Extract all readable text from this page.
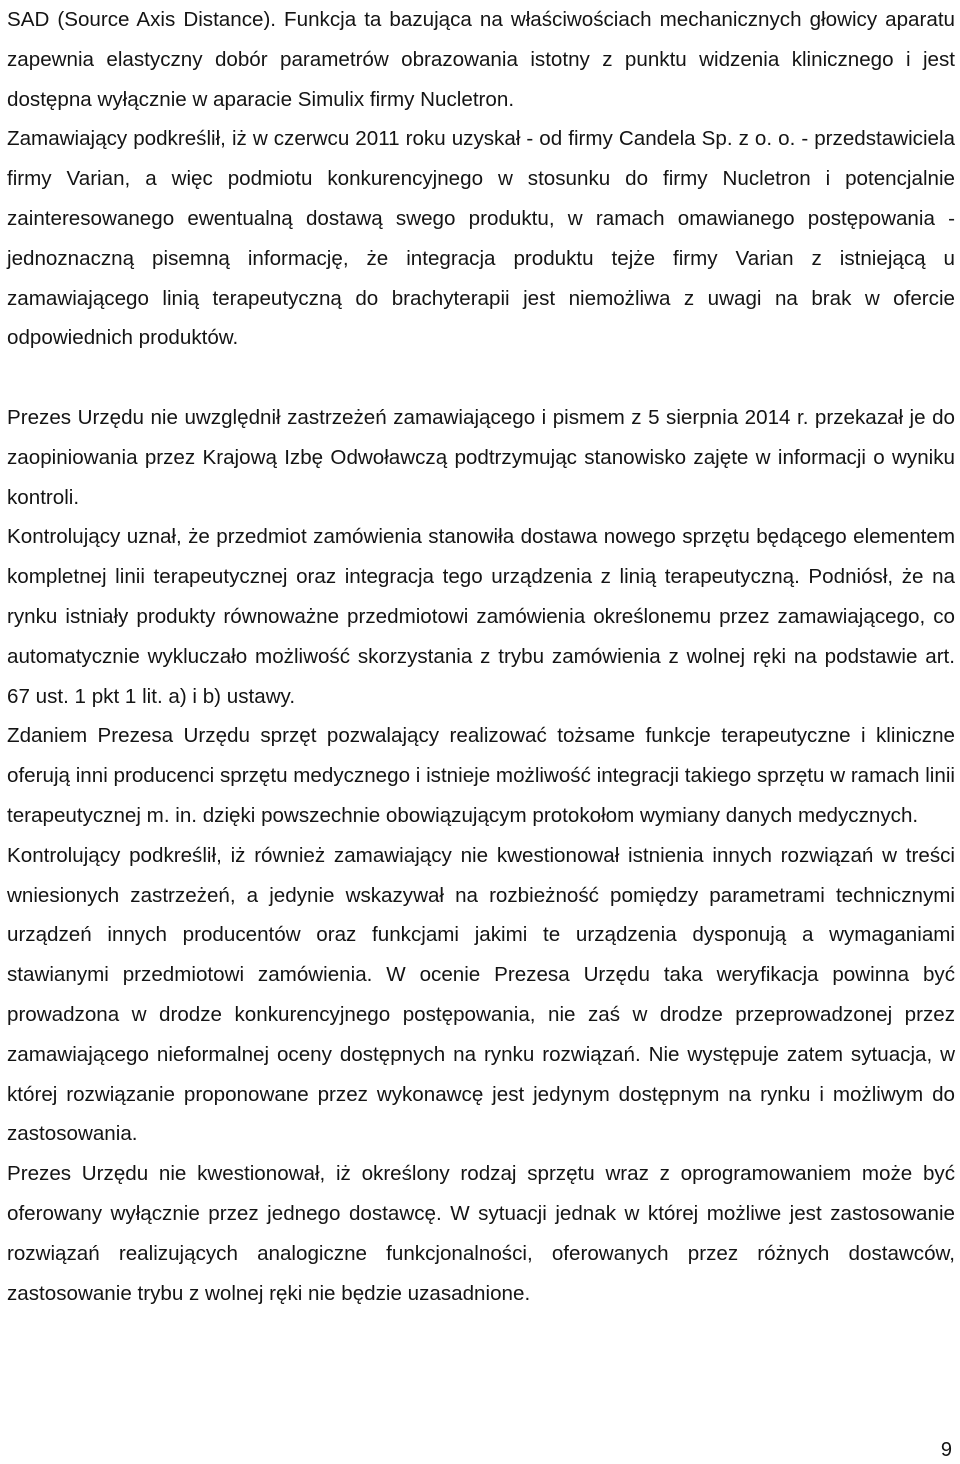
SAD (Source Axis Distance). Funkcja ta bazująca na właściwościach mechanicznych głowicy aparatu zapewnia elastyczny dobór parametrów obrazowania istotny z punktu widzenia klinicznego i jest dostępna wyłącznie w aparacie Simulix firmy Nucletron.

Zamawiający podkreślił, iż w czerwcu 2011 roku uzyskał - od firmy Candela Sp. z o. o. - przedstawiciela firmy Varian, a więc podmiotu konkurencyjnego w stosunku do firmy Nucletron i potencjalnie zainteresowanego ewentualną dostawą swego produktu, w ramach omawianego postępowania - jednoznaczną pisemną informację, że integracja produktu tejże firmy Varian z istniejącą u zamawiającego linią terapeutyczną do brachyterapii jest niemożliwa z uwagi na brak w ofercie odpowiednich produktów.

Prezes Urzędu nie uwzględnił zastrzeżeń zamawiającego i pismem z 5 sierpnia 2014 r. przekazał je do zaopiniowania przez Krajową Izbę Odwoławczą podtrzymując stanowisko zajęte w informacji o wyniku kontroli.

Kontrolujący uznał, że przedmiot zamówienia stanowiła dostawa nowego sprzętu będącego elementem kompletnej linii terapeutycznej oraz integracja tego urządzenia z linią terapeutyczną. Podniósł, że na rynku istniały produkty równoważne przedmiotowi zamówienia określonemu przez zamawiającego, co automatycznie wykluczało możliwość skorzystania z trybu zamówienia z wolnej ręki na podstawie art. 67 ust. 1 pkt 1 lit. a) i b) ustawy.

Zdaniem Prezesa Urzędu sprzęt pozwalający realizować tożsame funkcje terapeutyczne i kliniczne oferują inni producenci sprzętu medycznego i istnieje możliwość integracji takiego sprzętu w ramach linii terapeutycznej m. in. dzięki powszechnie obowiązującym protokołom wymiany danych medycznych.

Kontrolujący podkreślił, iż również zamawiający nie kwestionował istnienia innych rozwiązań w treści wniesionych zastrzeżeń, a jedynie wskazywał na rozbieżność pomiędzy parametrami technicznymi urządzeń innych producentów oraz funkcjami jakimi te urządzenia dysponują a wymaganiami stawianymi przedmiotowi zamówienia. W ocenie Prezesa Urzędu taka weryfikacja powinna być prowadzona w drodze konkurencyjnego postępowania, nie zaś w drodze przeprowadzonej przez zamawiającego nieformalnej oceny dostępnych na rynku rozwiązań. Nie występuje zatem sytuacja, w której rozwiązanie proponowane przez wykonawcę jest jedynym dostępnym na rynku i możliwym do zastosowania.

Prezes Urzędu nie kwestionował, iż określony rodzaj sprzętu wraz z oprogramowaniem może być oferowany wyłącznie przez jednego dostawcę. W sytuacji jednak w której możliwe jest zastosowanie rozwiązań realizujących analogiczne funkcjonalności, oferowanych przez różnych dostawców, zastosowanie trybu z wolnej ręki nie będzie uzasadnione.

9
